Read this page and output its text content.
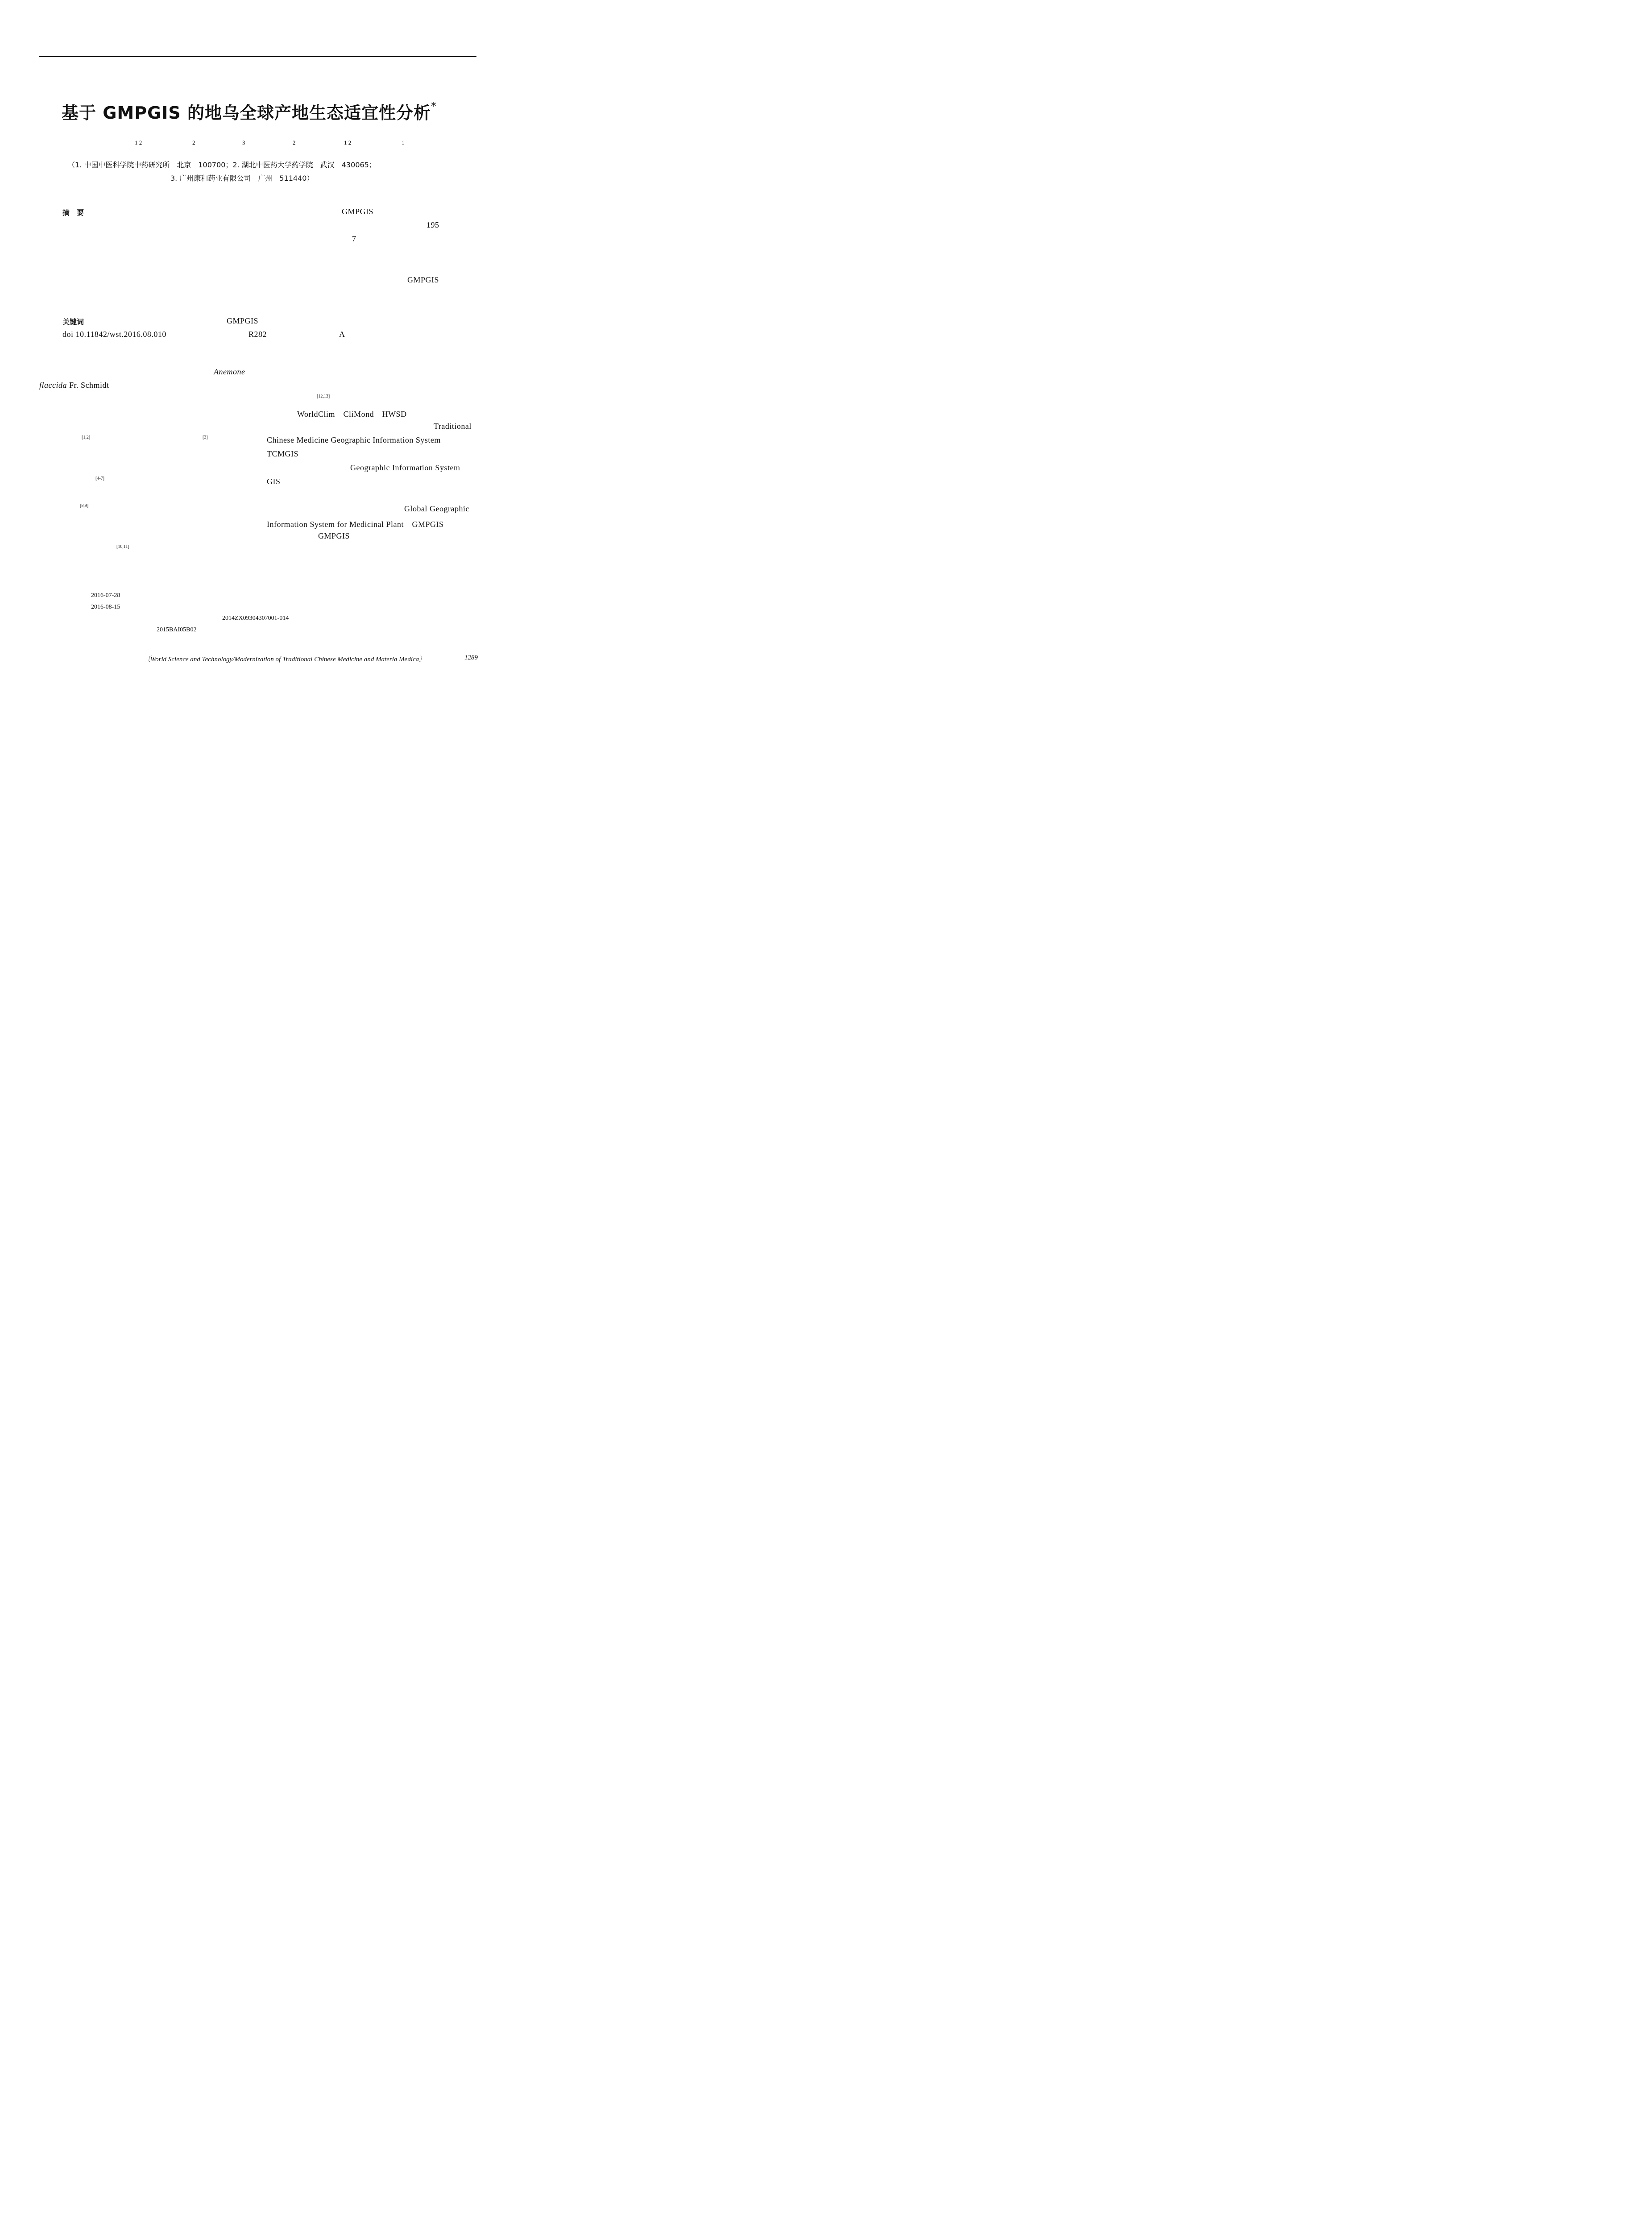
基于 GMPGIS 的地乌全球产地生态适宜性分析*
1 2	2	3	2	1 2	1
（1. 中国中医科学院中药研究所　北京　100700；2. 湖北中医药大学药学院　武汉　430065；
3. 广州康和药业有限公司　广州　511440）
摘　要	GMPGIS
195
7
GMPGIS
关键词	GMPGIS
doi 10.11842/wst.2016.08.010	R282	A
Anemone
flaccida Fr. Schmidt
[1,2]	[3]
[4-7]
[8,9]
[10,11]
[12,13]
WorldClim　CliMond　HWSD
Traditional
Chinese Medicine Geographic Information System
TCMGIS
Geographic Information System
GIS
Global Geographic
Information System for Medicinal Plant　GMPGIS
GMPGIS
2016-07-28
2016-08-15
2014ZX09304307001-014
2015BAI05B02
〔World Science and Technology/Modernization of Traditional Chinese Medicine and Materia Medica〕	1289
